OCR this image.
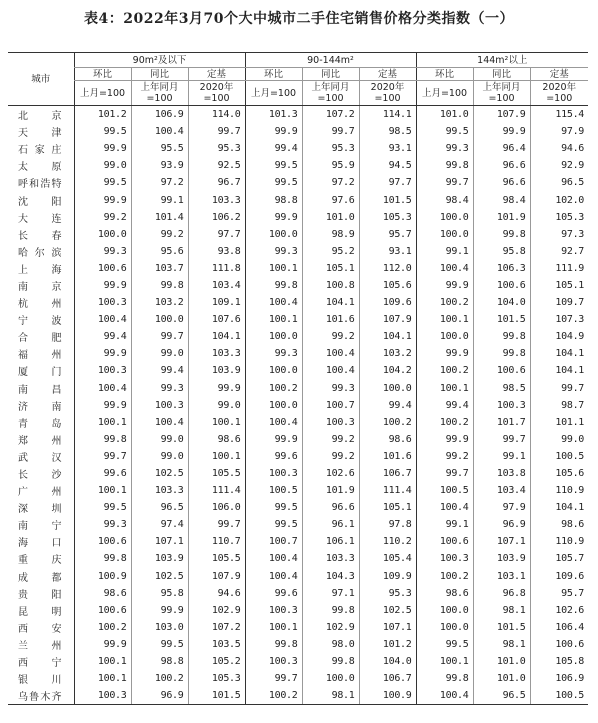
表4：2022年3月70个大中城市二手住宅销售价格分类指数（一）
城市	90m²及以下			90-144m²			144m²以上		
	环比	同比	定基	环比	同比	定基	环比	同比	定基
	上月=100	上年同月=100	2020年=100	上月=100	上年同月=100	2020年=100	上月=100	上年同月=100	2020年=100
北京	101.2	106.9	114.0	101.3	107.2	114.1	101.0	107.9	115.4
天津	99.5	100.4	99.7	99.9	99.7	98.5	99.5	99.9	97.9
石家庄	99.9	95.5	95.3	99.4	95.3	93.1	99.3	96.4	94.6
太原	99.0	93.9	92.5	99.5	95.9	94.5	99.8	96.6	92.9
呼和浩特	99.5	97.2	96.7	99.5	97.2	97.7	99.7	96.6	96.5
沈阳	99.9	99.1	103.3	98.8	97.6	101.5	98.4	98.4	102.0
大连	99.2	101.4	106.2	99.9	101.0	105.3	100.0	101.9	105.3
长春	100.0	99.2	97.7	100.0	98.9	95.7	100.0	99.8	97.3
哈尔滨	99.3	95.6	93.8	99.3	95.2	93.1	99.1	95.8	92.7
上海	100.6	103.7	111.8	100.1	105.1	112.0	100.4	106.3	111.9
南京	99.9	99.8	103.4	99.8	100.8	105.6	99.9	100.6	105.1
杭州	100.3	103.2	109.1	100.4	104.1	109.6	100.2	104.0	109.7
宁波	100.4	100.0	107.6	100.1	101.6	107.9	100.1	101.5	107.3
合肥	99.4	99.7	104.1	100.0	99.2	104.1	100.0	99.8	104.9
福州	99.9	99.0	103.3	99.3	100.4	103.2	99.9	99.8	104.1
厦门	100.3	99.4	103.9	100.0	100.4	104.2	100.2	100.6	104.1
南昌	100.4	99.3	99.9	100.2	99.3	100.0	100.1	98.5	99.7
济南	99.9	100.3	99.0	100.0	100.7	99.4	99.4	100.3	98.7
青岛	100.1	100.4	100.1	100.4	100.3	100.2	100.2	101.7	101.1
郑州	99.8	99.0	98.6	99.9	99.2	98.6	99.9	99.7	99.0
武汉	99.7	99.0	100.1	99.6	99.2	101.6	99.2	99.1	100.5
长沙	99.6	102.5	105.5	100.3	102.6	106.7	99.7	103.8	105.6
广州	100.1	103.3	111.4	100.5	101.9	111.4	100.5	103.4	110.9
深圳	99.5	96.5	106.0	99.5	96.6	105.1	100.4	97.9	104.1
南宁	99.3	97.4	99.7	99.5	96.1	97.8	99.1	96.9	98.6
海口	100.6	107.1	110.7	100.7	106.1	110.2	100.6	107.1	110.9
重庆	99.8	103.9	105.5	100.4	103.3	105.4	100.3	103.9	105.7
成都	100.9	102.5	107.9	100.4	104.3	109.9	100.2	103.1	109.6
贵阳	98.6	95.8	94.6	99.6	97.1	95.3	98.6	96.8	95.7
昆明	100.6	99.9	102.9	100.3	99.8	102.5	100.0	98.1	102.6
西安	100.2	103.0	107.2	100.1	102.9	107.1	100.0	101.5	106.4
兰州	99.9	99.5	103.5	99.8	98.0	101.2	99.5	98.1	100.6
西宁	100.1	98.8	105.2	100.3	99.8	104.0	100.1	101.0	105.8
银川	100.1	100.2	105.3	99.7	100.0	106.7	99.8	101.0	106.9
乌鲁木齐	100.3	96.9	101.5	100.2	98.1	100.9	100.4	96.5	100.5
